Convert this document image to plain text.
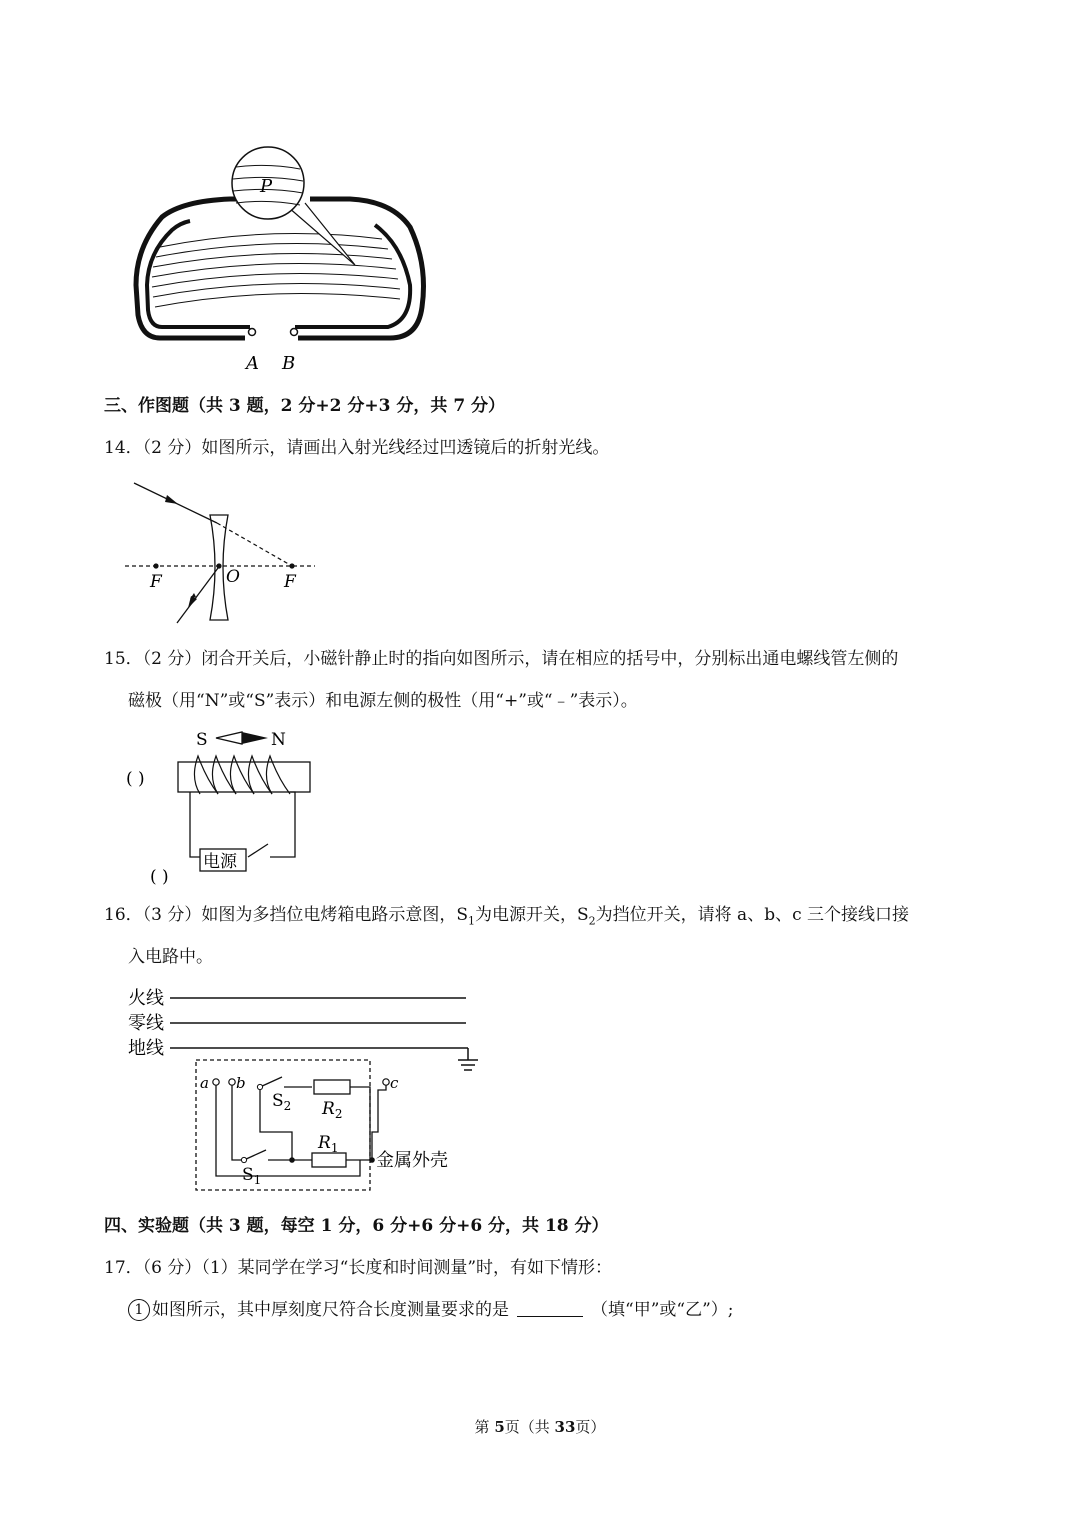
P
A B
三、作图题（共 3 题，2 分+2 分+3 分，共 7 分）
14．（2 分）如图所示，请画出入射光线经过凹透镜后的折射光线。
F	O	F
15．（2 分）闭合开关后，小磁针静止时的指向如图所示，请在相应的括号中，分别标出通电螺线管左侧的
磁极（用“N”或“S”表示）和电源左侧的极性（用“+”或“﹣”表示）。
S	N
电源
( )
( )
16．（3 分）如图为多挡位电烤箱电路示意图，$S_1$为电源开关，$S_2$为挡位开关，请将 a、b、c 三个接线口接
入电路中。
火线
零线
地线
a b	c
$S_2$ $R_2$
$R_1$
$S_1$
金属外壳
四、实验题（共 3 题，每空 1 分，6 分+6 分+6 分，共 18 分）
17．（6 分）（1）某同学在学习“长度和时间测量”时，有如下情形：
1 如图所示，其中厚刻度尺符合长度测量要求的是	（填“甲”或“乙”）;
第 5页（共 33页）
